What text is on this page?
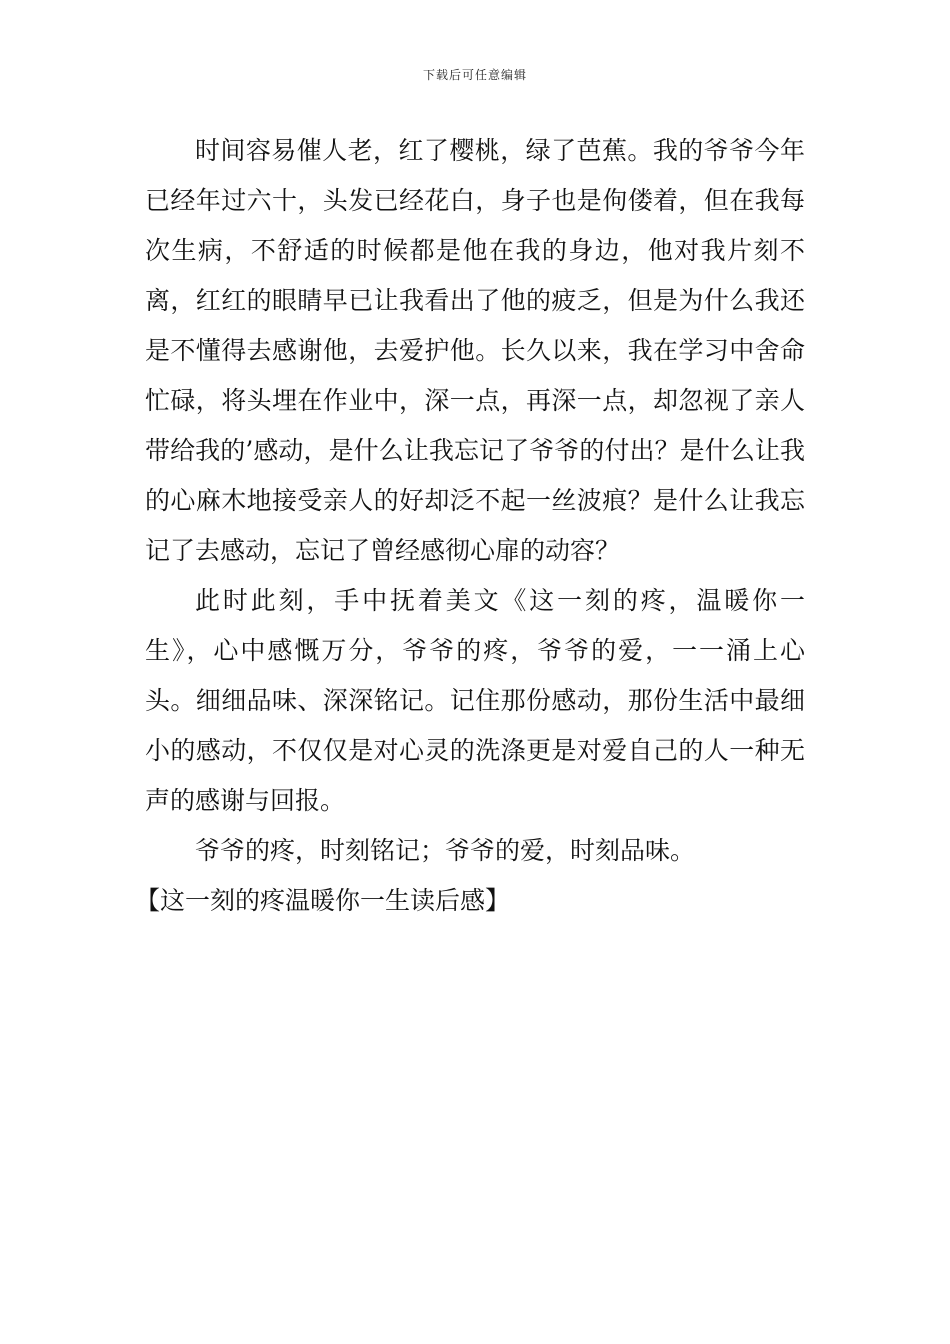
下载后可任意编辑

时间容易催人老，红了樱桃，绿了芭蕉。我的爷爷今年已经年过六十，头发已经花白，身子也是佝偻着，但在我每次生病，不舒适的时候都是他在我的身边，他对我片刻不离，红红的眼睛早已让我看出了他的疲乏，但是为什么我还是不懂得去感谢他，去爱护他。长久以来，我在学习中舍命忙碌，将头埋在作业中，深一点，再深一点，却忽视了亲人带给我的’感动，是什么让我忘记了爷爷的付出？是什么让我的心麻木地接受亲人的好却泛不起一丝波痕？是什么让我忘记了去感动，忘记了曾经感彻心扉的动容？

此时此刻，手中抚着美文《这一刻的疼，温暖你一生》，心中感慨万分，爷爷的疼，爷爷的爱，一一涌上心头。细细品味、深深铭记。记住那份感动，那份生活中最细小的感动，不仅仅是对心灵的洗涤更是对爱自己的人一种无声的感谢与回报。

爷爷的疼，时刻铭记；爷爷的爱，时刻品味。

【这一刻的疼温暖你一生读后感】
